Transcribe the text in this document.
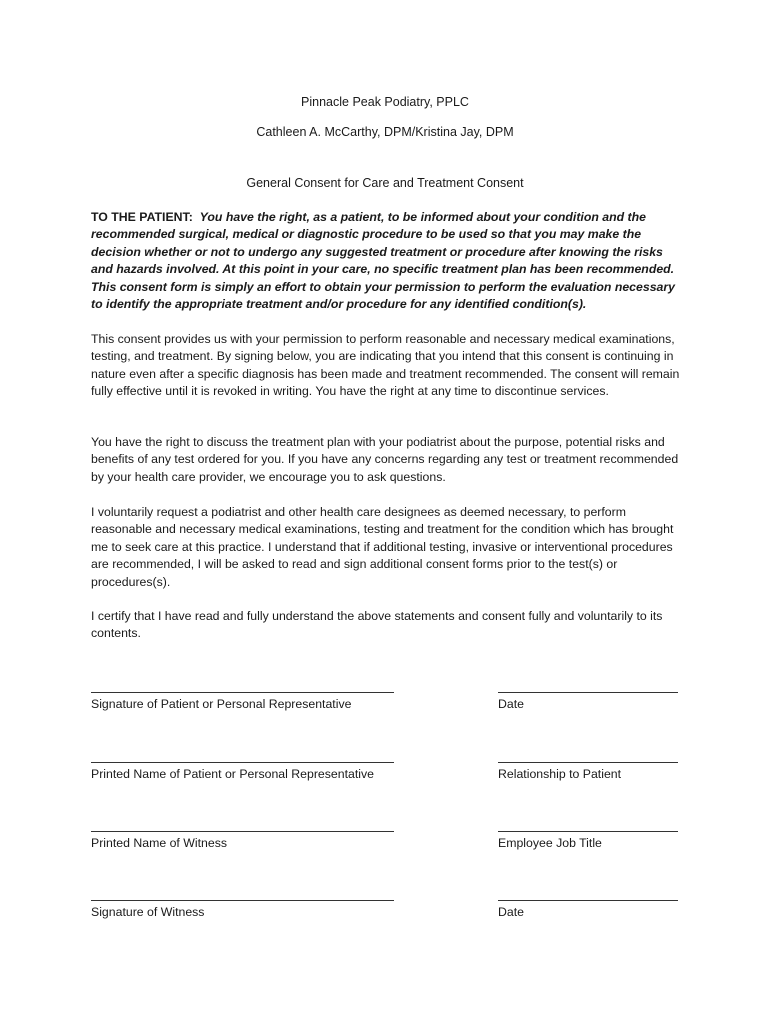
Pinnacle Peak Podiatry, PPLC
Cathleen A. McCarthy, DPM/Kristina Jay, DPM
General Consent for Care and Treatment Consent

TO THE PATIENT: You have the right, as a patient, to be informed about your condition and the recommended surgical, medical or diagnostic procedure to be used so that you may make the decision whether or not to undergo any suggested treatment or procedure after knowing the risks and hazards involved. At this point in your care, no specific treatment plan has been recommended. This consent form is simply an effort to obtain your permission to perform the evaluation necessary to identify the appropriate treatment and/or procedure for any identified condition(s).

This consent provides us with your permission to perform reasonable and necessary medical examinations, testing, and treatment. By signing below, you are indicating that you intend that this consent is continuing in nature even after a specific diagnosis has been made and treatment recommended. The consent will remain fully effective until it is revoked in writing. You have the right at any time to discontinue services.

You have the right to discuss the treatment plan with your podiatrist about the purpose, potential risks and benefits of any test ordered for you. If you have any concerns regarding any test or treatment recommended by your health care provider, we encourage you to ask questions.

I voluntarily request a podiatrist and other health care designees as deemed necessary, to perform reasonable and necessary medical examinations, testing and treatment for the condition which has brought me to seek care at this practice. I understand that if additional testing, invasive or interventional procedures are recommended, I will be asked to read and sign additional consent forms prior to the test(s) or procedures(s).

I certify that I have read and fully understand the above statements and consent fully and voluntarily to its contents.

Signature of Patient or Personal Representative	Date
Printed Name of Patient or Personal Representative	Relationship to Patient
Printed Name of Witness	Employee Job Title
Signature of Witness	Date
